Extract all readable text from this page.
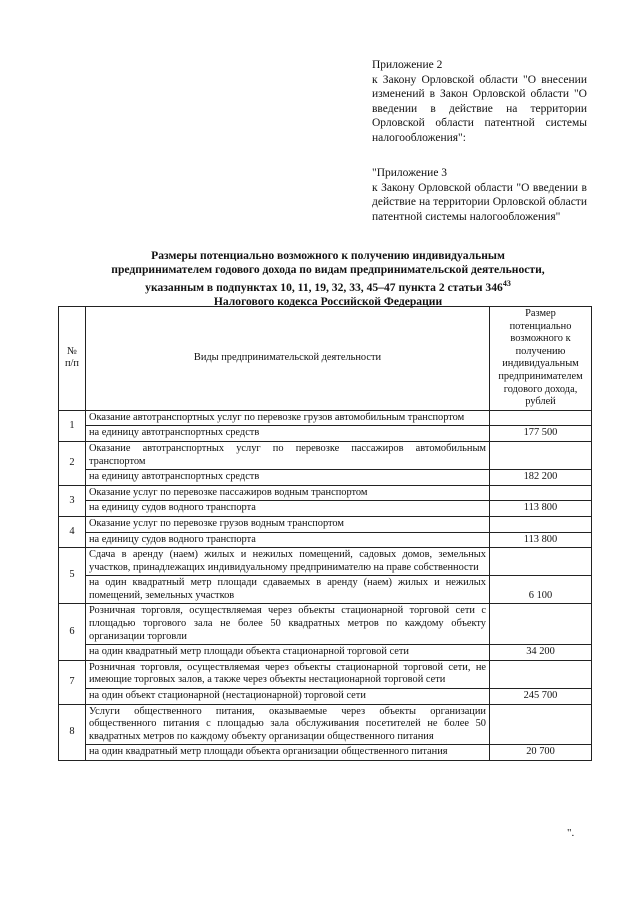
Приложение 2

к Закону Орловской области "О внесении изменений в Закон Орловской области "О введении в действие на территории Орловской области патентной системы налогообложения":

"Приложение 3

к Закону Орловской области "О введении в действие на территории Орловской области патентной системы налогообложения"

Размеры потенциально возможного к получению индивидуальным

предпринимателем годового дохода по видам предпринимательской деятельности,

указанным в подпунктах 10, 11, 19, 32, 33, 45–47 пункта 2 статьи $346^{43}$

Налогового кодекса Российской Федерации

№ п/п	Виды предпринимательской деятельности	Размер потенциально возможного к получению индивидуальным предпринимателем годового дохода, рублей
1	Оказание автотранспортных услуг по перевозке грузов автомобильным транспортом	
	на единицу автотранспортных средств	177 500
2	Оказание автотранспортных услуг по перевозке пассажиров автомобильным транспортом	
	на единицу автотранспортных средств	182 200
3	Оказание услуг по перевозке пассажиров водным транспортом	
	на единицу судов водного транспорта	113 800
4	Оказание услуг по перевозке грузов водным транспортом	
	на единицу судов водного транспорта	113 800
5	Сдача в аренду (наем) жилых и нежилых помещений, садовых домов, земельных участков, принадлежащих индивидуальному предпринимателю на праве собственности	
	на один квадратный метр площади сдаваемых в аренду (наем) жилых и нежилых помещений, земельных участков	6 100
6	Розничная торговля, осуществляемая через объекты стационарной торговой сети с площадью торгового зала не более 50 квадратных метров по каждому объекту организации торговли	
	на один квадратный метр площади объекта стационарной торговой сети	34 200
7	Розничная торговля, осуществляемая через объекты стационарной торговой сети, не имеющие торговых залов, а также через объекты нестационарной торговой сети	
	на один объект стационарной (нестационарной) торговой сети	245 700
8	Услуги общественного питания, оказываемые через объекты организации общественного питания с площадью зала обслуживания посетителей не более 50 квадратных метров по каждому объекту организации общественного питания	
	на один квадратный метр площади объекта организации общественного питания	20 700
".
